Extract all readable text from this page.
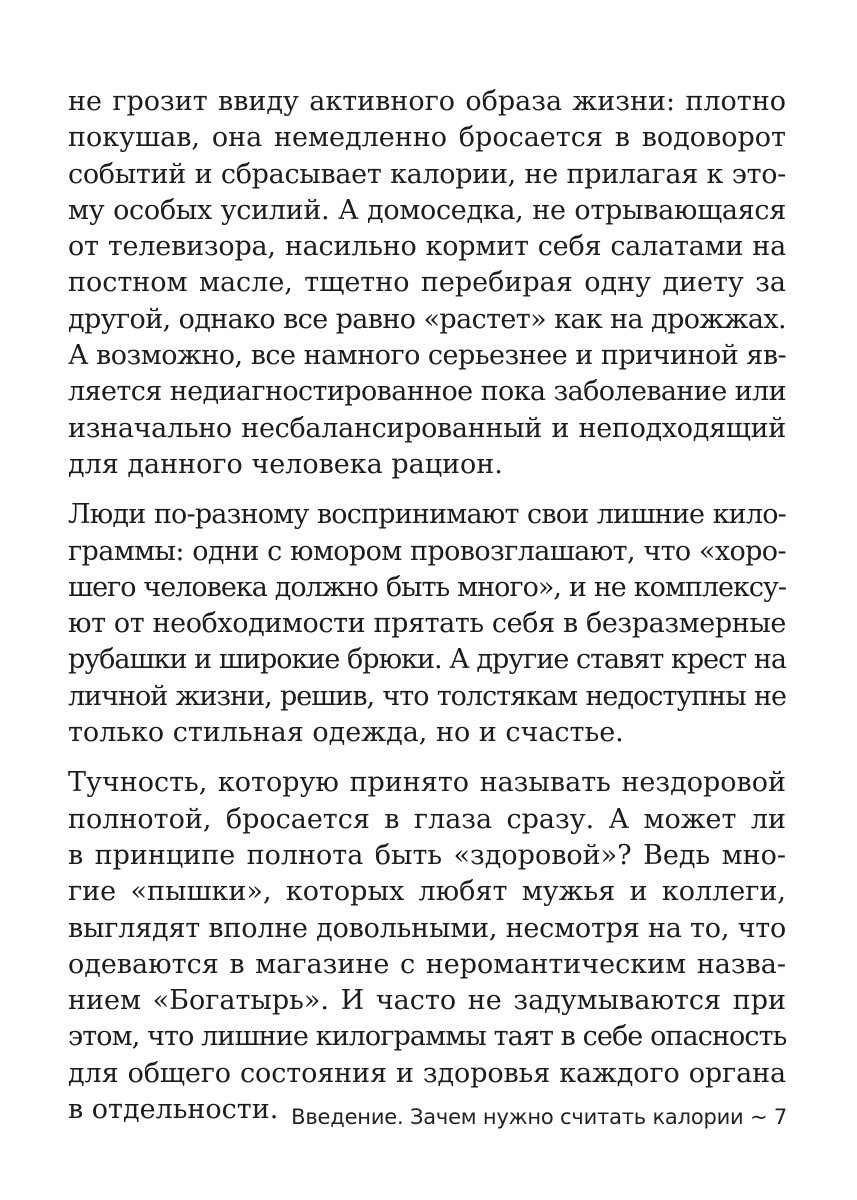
не грозит ввиду активного образа жизни: плотно
покушав, она немедленно бросается в водоворот
событий и сбрасывает калории, не прилагая к это-
му особых усилий. А домоседка, не отрывающаяся
от телевизора, насильно кормит себя салатами на
постном масле, тщетно перебирая одну диету за
другой, однако все равно «растет» как на дрожжах.
А возможно, все намного серьезнее и причиной яв-
ляется недиагностированное пока заболевание или
изначально несбалансированный и неподходящий
для данного человека рацион.
Люди по-разному воспринимают свои лишние кило-
граммы: одни с юмором провозглашают, что «хоро-
шего человека должно быть много», и не комплексу-
ют от необходимости прятать себя в безразмерные
рубашки и широкие брюки. А другие ставят крест на
личной жизни, решив, что толстякам недоступны не
только стильная одежда, но и счастье.
Тучность, которую принято называть нездоровой
полнотой, бросается в глаза сразу. А может ли
в принципе полнота быть «здоровой»? Ведь мно-
гие «пышки», которых любят мужья и коллеги,
выглядят вполне довольными, несмотря на то, что
одеваются в магазине с неромантическим назва-
нием «Богатырь». И часто не задумываются при
этом, что лишние килограммы таят в себе опасность
для общего состояния и здоровья каждого органа
в отдельности. Введение. Зачем нужно считать калории ~ 7
